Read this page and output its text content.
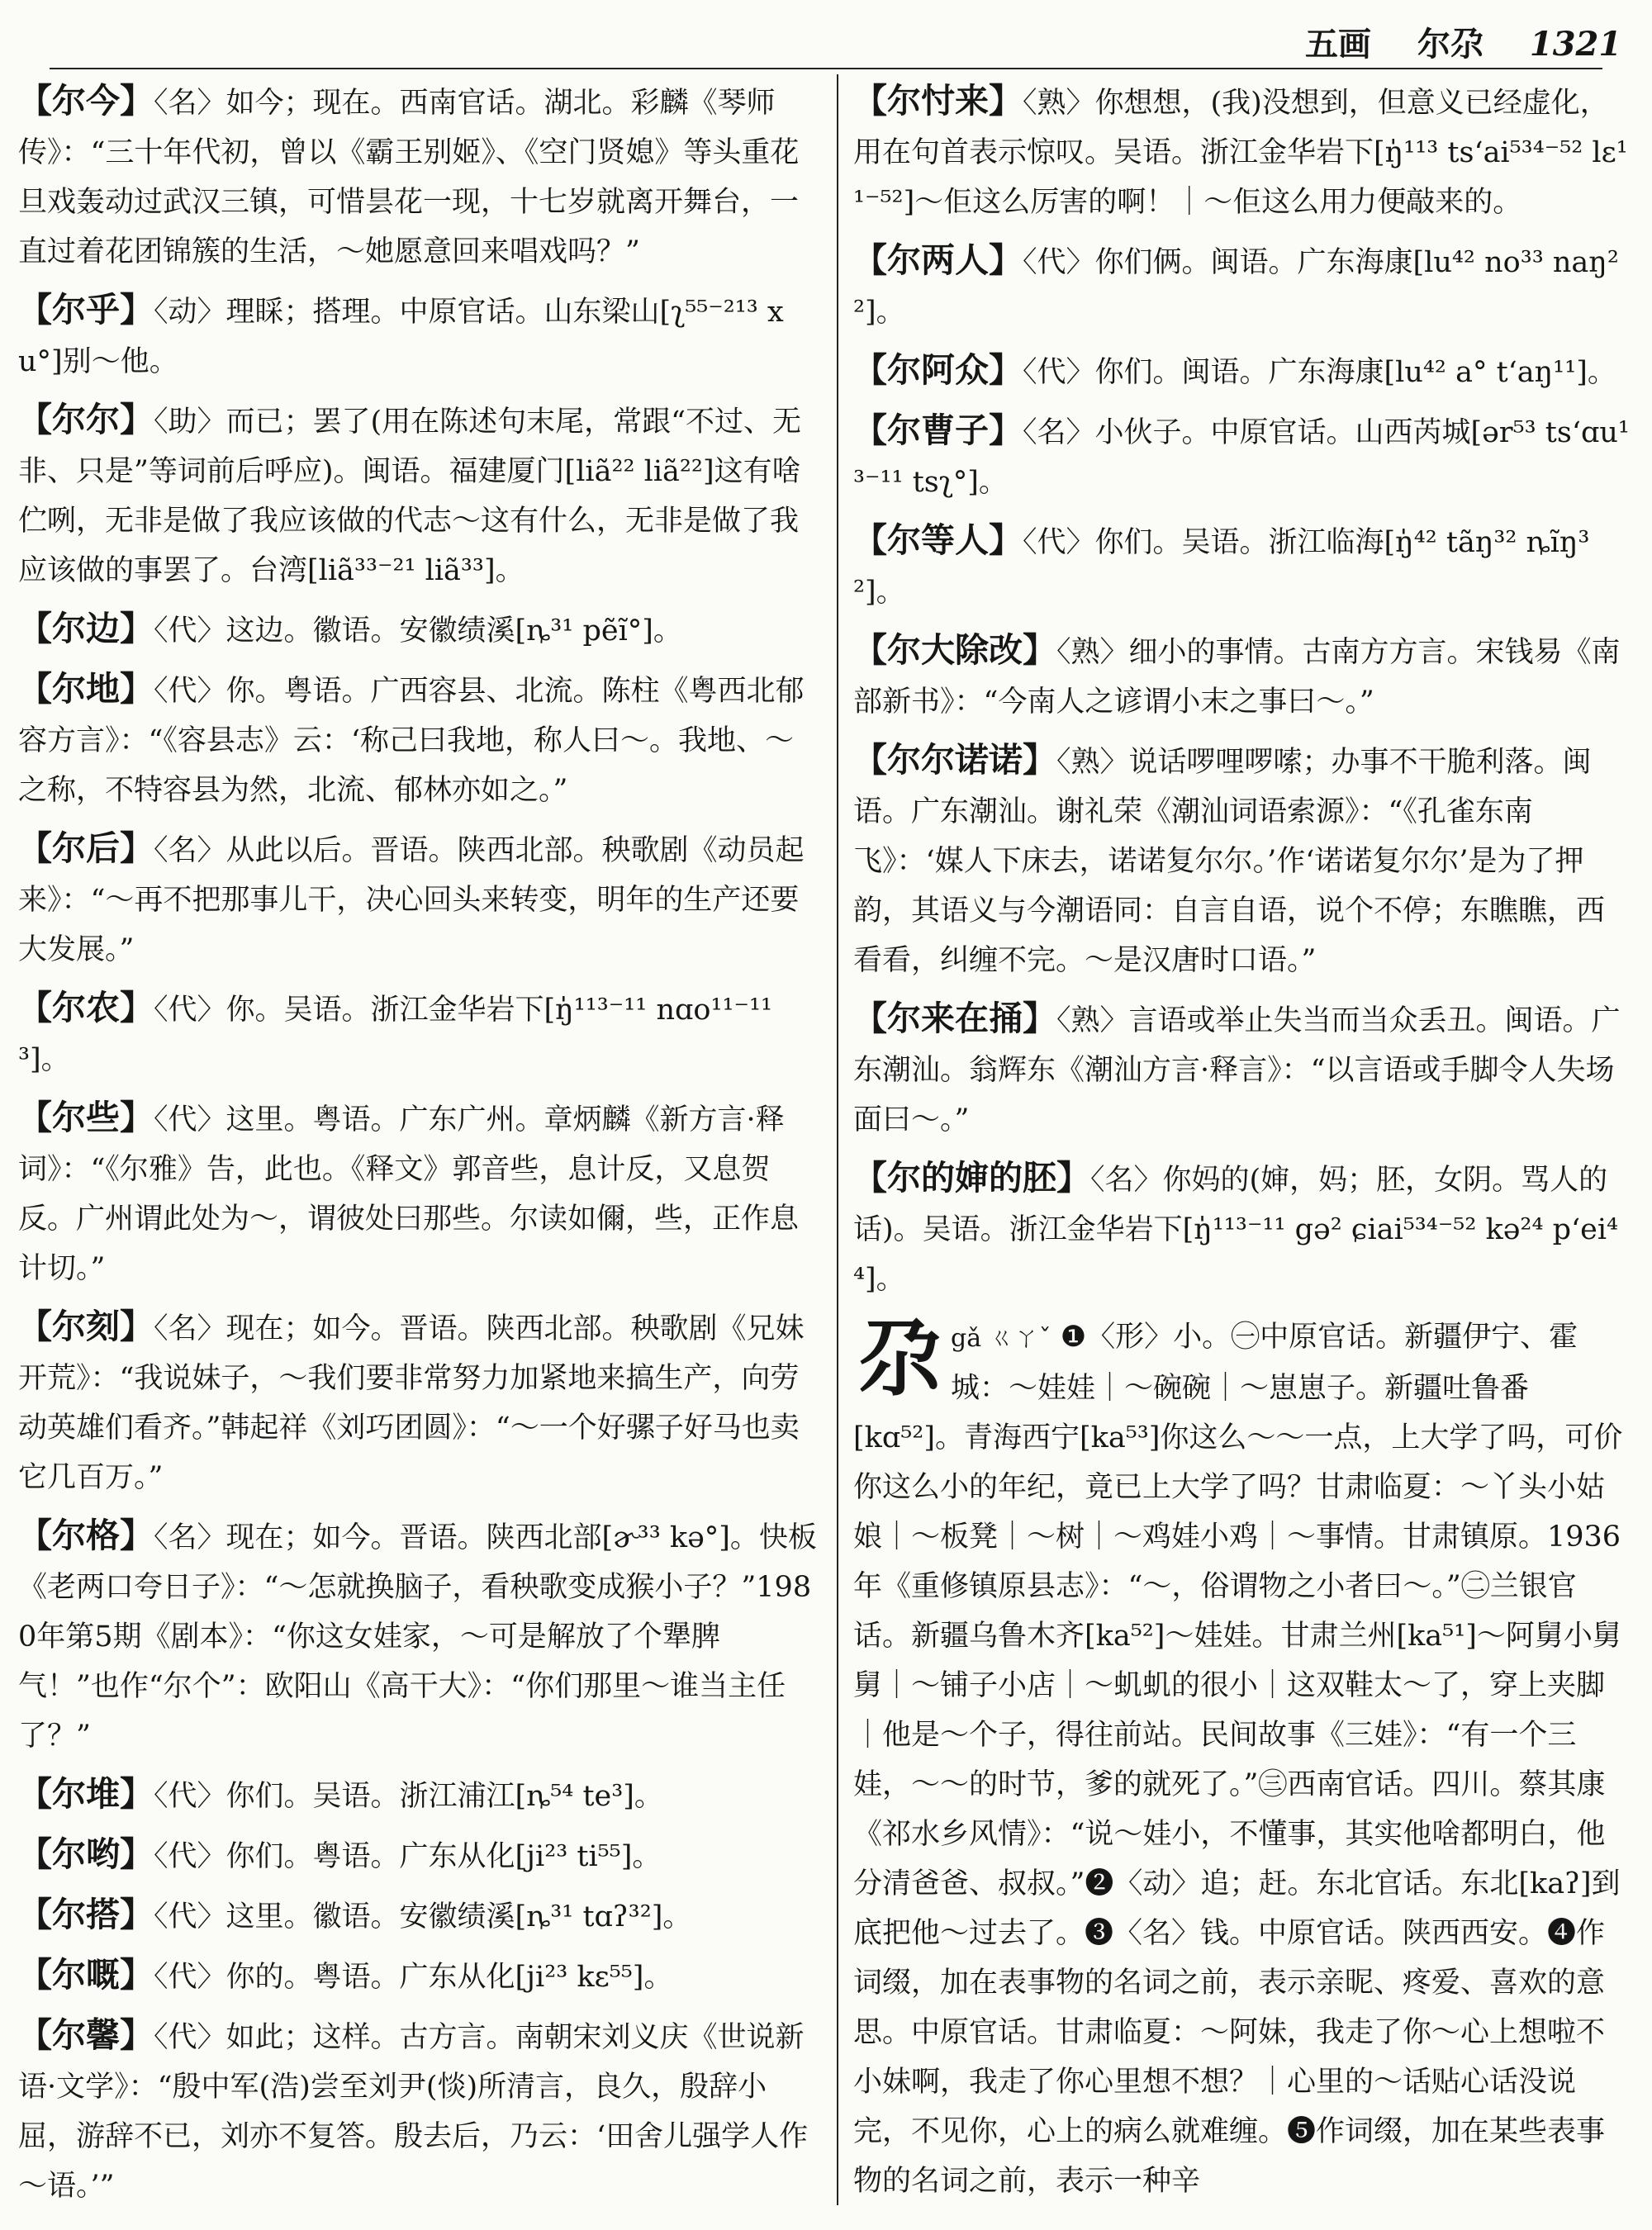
五画 尔尕 1321
【尔今】〈名〉如今；现在。西南官话。湖北。彩麟《琴师传》：“三十年代初，曾以《霸王别姬》、《空门贤媳》等头重花旦戏轰动过武汉三镇，可惜昙花一现，十七岁就离开舞台，一直过着花团锦簇的生活，～她愿意回来唱戏吗？”
【尔乎】〈动〉理睬；搭理。中原官话。山东梁山[ʅ⁵⁵⁻²¹³ xu°]别～他。
【尔尔】〈助〉而已；罢了(用在陈述句末尾，常跟“不过、无非、只是”等词前后呼应)。闽语。福建厦门[liã²² liã²²]这有啥伫咧，无非是做了我应该做的代志～这有什么，无非是做了我应该做的事罢了。台湾[liã³³⁻²¹ liã³³]。
【尔边】〈代〉这边。徽语。安徽绩溪[ȵ³¹ pẽĩ°]。
【尔地】〈代〉你。粤语。广西容县、北流。陈柱《粤西北郁容方言》：“《容县志》云：‘称己曰我地，称人曰～。我地、～之称，不特容县为然，北流、郁林亦如之。”
【尔后】〈名〉从此以后。晋语。陕西北部。秧歌剧《动员起来》：“～再不把那事儿干，决心回头来转变，明年的生产还要大发展。”
【尔农】〈代〉你。吴语。浙江金华岩下[ŋ̍¹¹³⁻¹¹ nɑo¹¹⁻¹¹³]。
【尔些】〈代〉这里。粤语。广东广州。章炳麟《新方言·释词》：“《尔雅》告，此也。《释文》郭音些，息计反，又息贺反。广州谓此处为～，谓彼处曰那些。尔读如儞，些，正作息计切。”
【尔刻】〈名〉现在；如今。晋语。陕西北部。秧歌剧《兄妹开荒》：“我说妹子，～我们要非常努力加紧地来搞生产，向劳动英雄们看齐。”韩起祥《刘巧团圆》：“～一个好骡子好马也卖它几百万。”
【尔格】〈名〉现在；如今。晋语。陕西北部[ɚ³³ kə°]。快板《老两口夸日子》：“～怎就换脑子，看秧歌变成猴小子？”1980年第5期《剧本》：“你这女娃家，～可是解放了个犟脾气！”也作“尔个”：欧阳山《高干大》：“你们那里～谁当主任了？”
【尔堆】〈代〉你们。吴语。浙江浦江[ȵ⁵⁴ te³]。
【尔哟】〈代〉你们。粤语。广东从化[ji²³ ti⁵⁵]。
【尔搭】〈代〉这里。徽语。安徽绩溪[ȵ³¹ tɑʔ³²]。
【尔嘅】〈代〉你的。粤语。广东从化[ji²³ kɛ⁵⁵]。
【尔馨】〈代〉如此；这样。古方言。南朝宋刘义庆《世说新语·文学》：“殷中军(浩)尝至刘尹(惔)所清言，良久，殷辞小屈，游辞不已，刘亦不复答。殷去后，乃云：‘田舍儿强学人作～语。’”
【尔忖来】〈熟〉你想想，(我)没想到，但意义已经虚化，用在句首表示惊叹。吴语。浙江金华岩下[ŋ̍¹¹³ ts‘ai⁵³⁴⁻⁵² lɛ¹¹⁻⁵²]～佢这么厉害的啊！｜～佢这么用力便敲来的。
【尔两人】〈代〉你们俩。闽语。广东海康[lu⁴² no³³ naŋ²²]。
【尔阿众】〈代〉你们。闽语。广东海康[lu⁴² a° t‘aŋ¹¹]。
【尔曹子】〈名〉小伙子。中原官话。山西芮城[ər⁵³ ts‘ɑu¹³⁻¹¹ tsʅ°]。
【尔等人】〈代〉你们。吴语。浙江临海[ŋ̍⁴² tãŋ³² ȵĩŋ³²]。
【尔大除改】〈熟〉细小的事情。古南方方言。宋钱易《南部新书》：“今南人之谚谓小末之事曰～。”
【尔尔诺诺】〈熟〉说话啰哩啰嗦；办事不干脆利落。闽语。广东潮汕。谢礼荣《潮汕词语索源》：“《孔雀东南飞》：‘媒人下床去，诺诺复尔尔。’作‘诺诺复尔尔’是为了押韵，其语义与今潮语同：自言自语，说个不停；东瞧瞧，西看看，纠缠不完。～是汉唐时口语。”
【尔来在捅】〈熟〉言语或举止失当而当众丢丑。闽语。广东潮汕。翁辉东《潮汕方言·释言》：“以言语或手脚令人失场面曰～。”
【尔的婶的胚】〈名〉你妈的(婶，妈；胚，女阴。骂人的话)。吴语。浙江金华岩下[ŋ̍¹¹³⁻¹¹ gə² ɕiai⁵³⁴⁻⁵² kə²⁴ p‘ei⁴⁴]。
尕 gǎ ㄍㄚˇ ❶〈形〉小。㊀中原官话。新疆伊宁、霍城：～娃娃｜～碗碗｜～崽崽子。新疆吐鲁番[kɑ⁵²]。青海西宁[ka⁵³]你这么～～一点，上大学了吗，可价你这么小的年纪，竟已上大学了吗？甘肃临夏：～丫头小姑娘｜～板凳｜～树｜～鸡娃小鸡｜～事情。甘肃镇原。1936年《重修镇原县志》：“～，俗谓物之小者曰～。”㊁兰银官话。新疆乌鲁木齐[ka⁵²]～娃娃。甘肃兰州[ka⁵¹]～阿舅小舅舅｜～铺子小店｜～虮虮的很小｜这双鞋太～了，穿上夹脚｜他是～个子，得往前站。民间故事《三娃》：“有一个三娃，～～的时节，爹的就死了。”㊂西南官话。四川。蔡其康《祁水乡风情》：“说～娃小，不懂事，其实他啥都明白，他分清爸爸、叔叔。”❷〈动〉追；赶。东北官话。东北[kaʔ]到底把他～过去了。❸〈名〉钱。中原官话。陕西西安。❹作词缀，加在表事物的名词之前，表示亲昵、疼爱、喜欢的意思。中原官话。甘肃临夏：～阿妹，我走了你～心上想啦不小妹啊，我走了你心里想不想？｜心里的～话贴心话没说完，不见你，心上的病么就难缠。❺作词缀，加在某些表事物的名词之前，表示一种辛
